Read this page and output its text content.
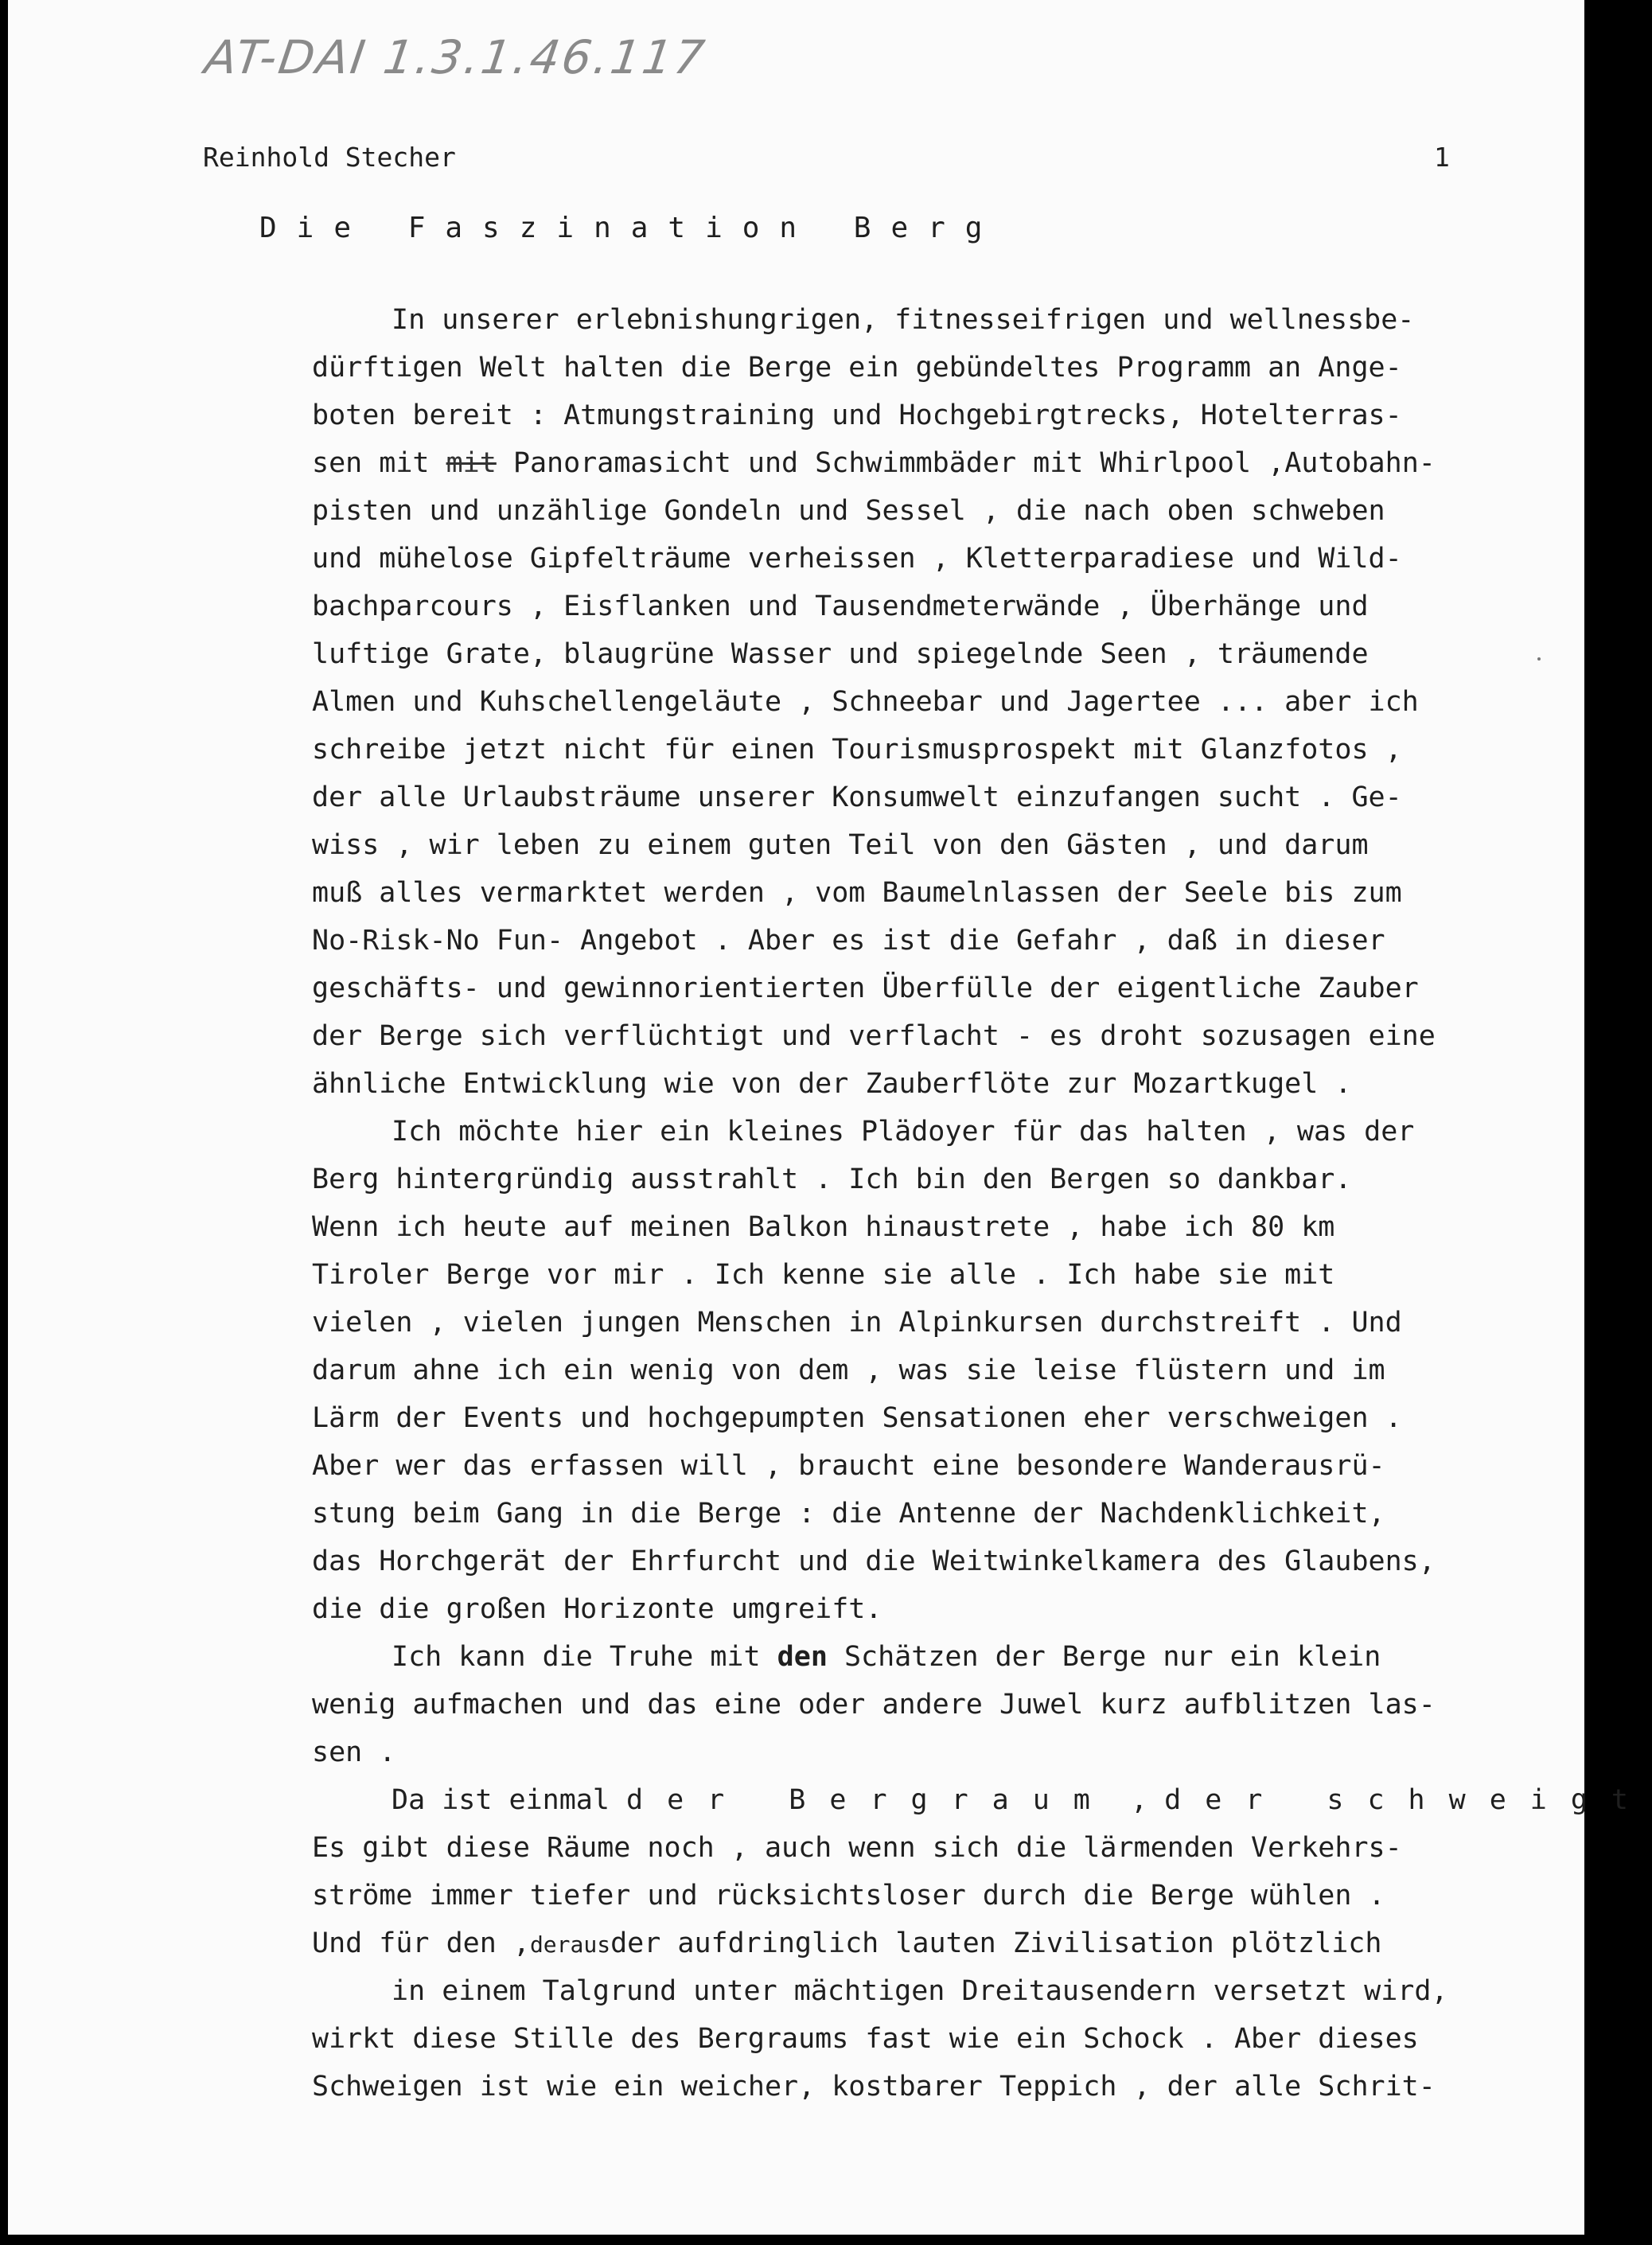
AT-DAI 1.3.1.46.117
Reinhold Stecher	1
Die Faszination Berg
In unserer erlebnishungrigen, fitnesseifrigen und wellnessbe-
dürftigen Welt halten die Berge ein gebündeltes Programm an Ange-
boten bereit : Atmungstraining und Hochgebirgtrecks, Hotelterras-
sen mit mit Panoramasicht und Schwimmbäder mit Whirlpool ,Autobahn-
pisten und unzählige Gondeln und Sessel , die nach oben schweben
und mühelose Gipfelträume verheissen , Kletterparadiese und Wild-
bachparcours , Eisflanken und Tausendmeterwände , Überhänge und
luftige Grate, blaugrüne Wasser und spiegelnde Seen , träumende
Almen und Kuhschellengeläute , Schneebar und Jagertee ... aber ich
schreibe jetzt nicht für einen Tourismusprospekt mit Glanzfotos ,
der alle Urlaubsträume unserer Konsumwelt einzufangen sucht . Ge-
wiss , wir leben zu einem guten Teil von den Gästen , und darum
muß alles vermarktet werden , vom Baumelnlassen der Seele bis zum
No-Risk-No Fun- Angebot . Aber es ist die Gefahr , daß in dieser
geschäfts- und gewinnorientierten Überfülle der eigentliche Zauber
der Berge sich verflüchtigt und verflacht - es droht sozusagen eine
ähnliche Entwicklung wie von der Zauberflöte zur Mozartkugel .
Ich möchte hier ein kleines Plädoyer für das halten , was der
Berg hintergründig ausstrahlt . Ich bin den Bergen so dankbar.
Wenn ich heute auf meinen Balkon hinaustrete , habe ich 80 km
Tiroler Berge vor mir . Ich kenne sie alle . Ich habe sie mit
vielen , vielen jungen Menschen in Alpinkursen durchstreift . Und
darum ahne ich ein wenig von dem , was sie leise flüstern und im
Lärm der Events und hochgepumpten Sensationen eher verschweigen .
Aber wer das erfassen will , braucht eine besondere Wanderausrü-
stung beim Gang in die Berge : die Antenne der Nachdenklichkeit,
das Horchgerät der Ehrfurcht und die Weitwinkelkamera des Glaubens,
die die großen Horizonte umgreift.
Ich kann die Truhe mit den Schätzen der Berge nur ein klein
wenig aufmachen und das eine oder andere Juwel kurz aufblitzen las-
sen .
Da ist einmal der Bergraum , der schweigt
Es gibt diese Räume noch , auch wenn sich die lärmenden Verkehrs-
ströme immer tiefer und rücksichtsloser durch die Berge wühlen .
Und für den ,derausder aufdringlich lauten Zivilisation plötzlich
in einem Talgrund unter mächtigen Dreitausendern versetzt wird,
wirkt diese Stille des Bergraums fast wie ein Schock . Aber dieses
Schweigen ist wie ein weicher, kostbarer Teppich , der alle Schrit-
